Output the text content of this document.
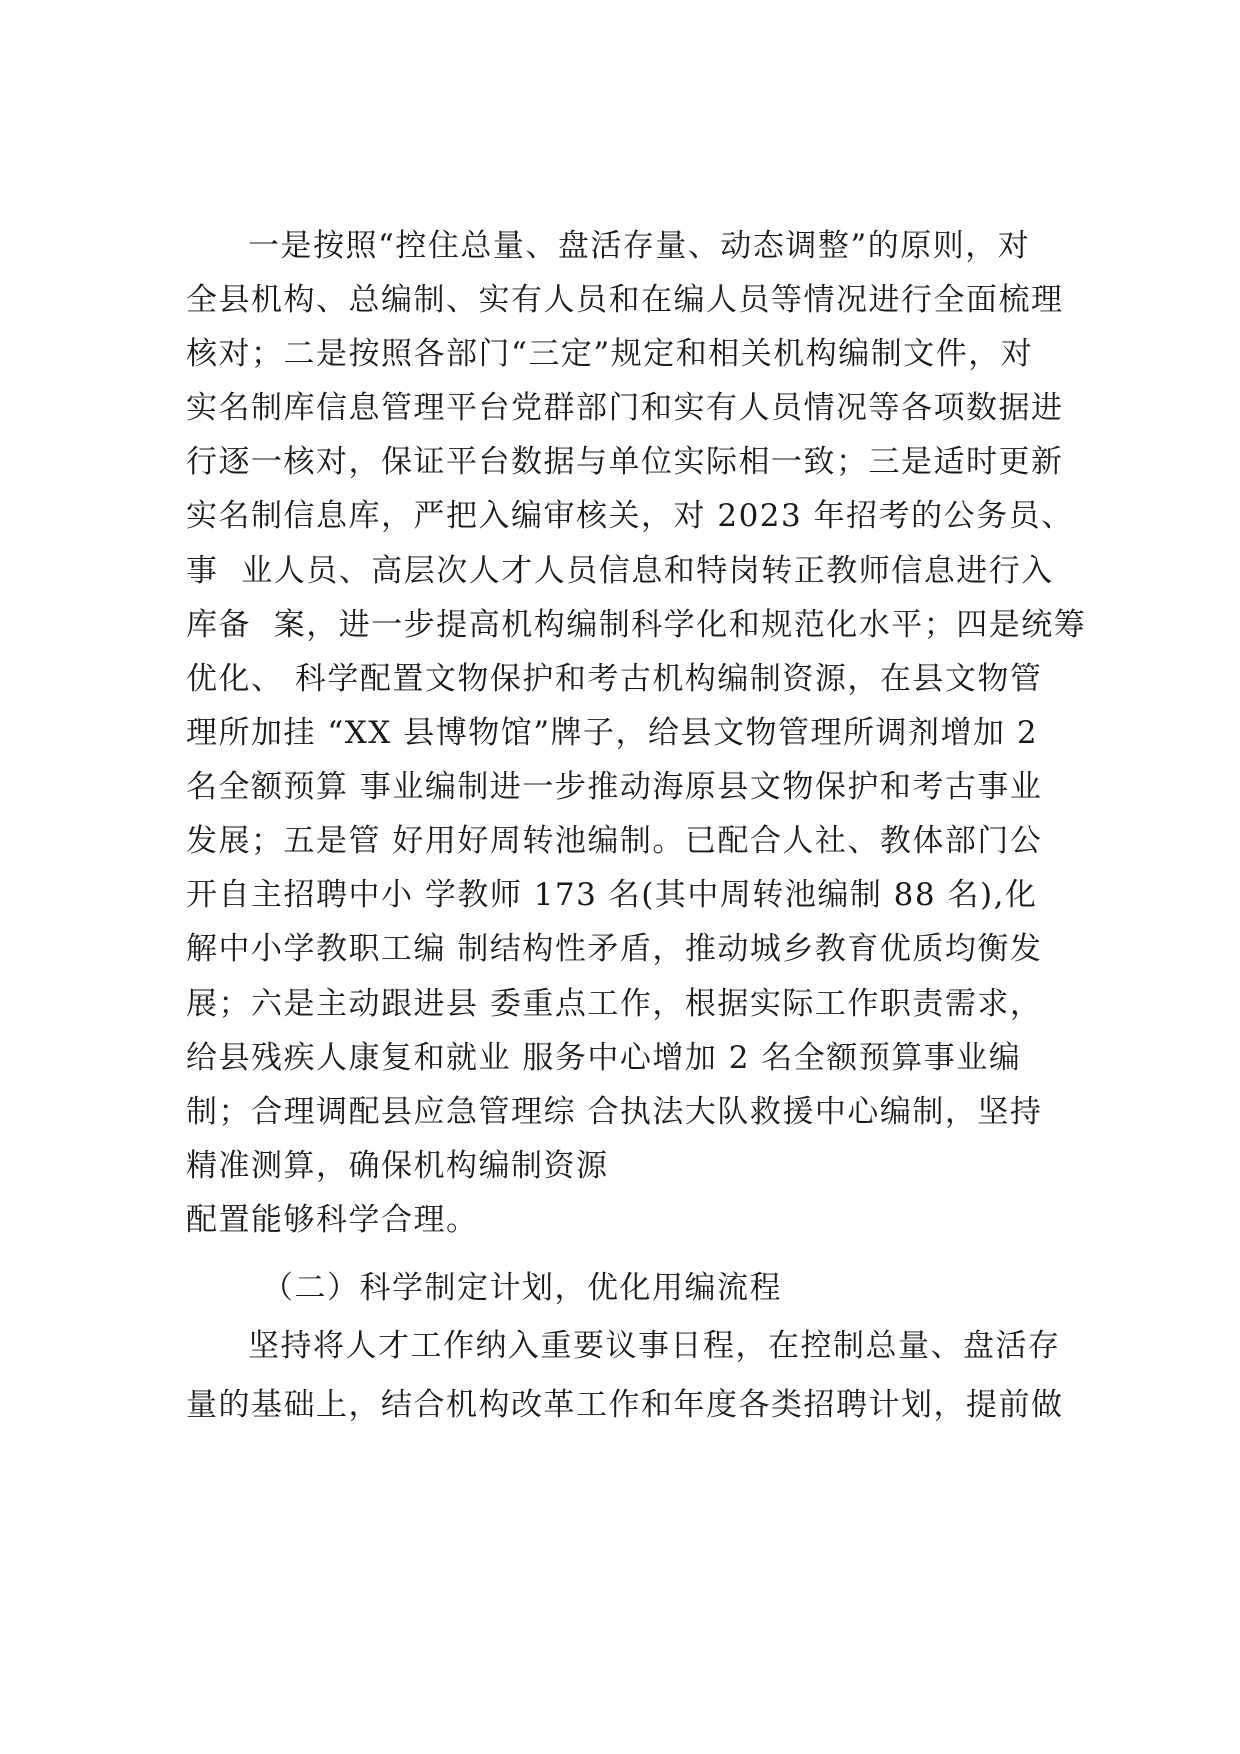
一是按照“控住总量、盘活存量、动态调整”的原则，对
全县机构、总编制、实有人员和在编人员等情况进行全面梳理
核对；二是按照各部门“三定”规定和相关机构编制文件，对
实名制库信息管理平台党群部门和实有人员情况等各项数据进
行逐一核对，保证平台数据与单位实际相一致；三是适时更新
实名制信息库，严把入编审核关，对 2023 年招考的公务员、
事  业人员、高层次人才人员信息和特岗转正教师信息进行入
库备  案，进一步提高机构编制科学化和规范化水平；四是统筹
优化、 科学配置文物保护和考古机构编制资源，在县文物管
理所加挂 “XX 县博物馆”牌子，给县文物管理所调剂增加 2
名全额预算 事业编制进一步推动海原县文物保护和考古事业
发展；五是管 好用好周转池编制。已配合人社、教体部门公
开自主招聘中小 学教师 173 名(其中周转池编制 88 名),化
解中小学教职工编 制结构性矛盾，推动城乡教育优质均衡发
展；六是主动跟进县 委重点工作，根据实际工作职责需求，
给县残疾人康复和就业 服务中心增加 2 名全额预算事业编
制；合理调配县应急管理综 合执法大队救援中心编制，坚持
精准测算，确保机构编制资源
配置能够科学合理。
（二）科学制定计划，优化用编流程
坚持将人才工作纳入重要议事日程，在控制总量、盘活存
量的基础上，结合机构改革工作和年度各类招聘计划，提前做
